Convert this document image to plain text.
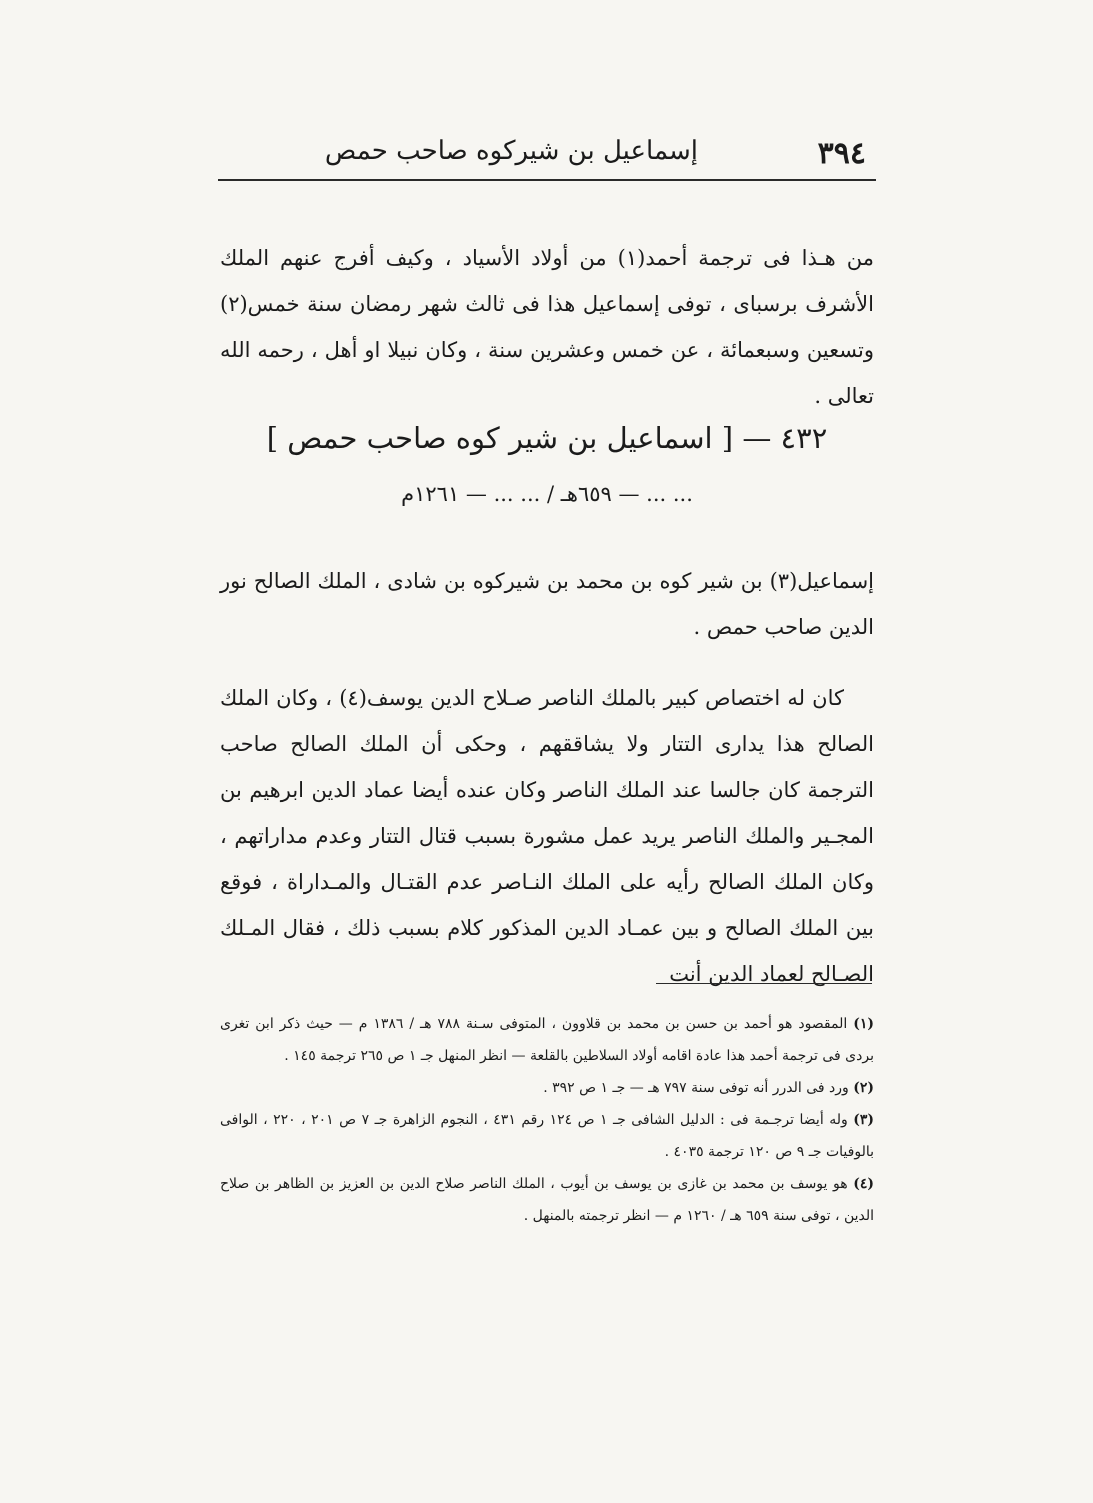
٣٩٤
إسماعيل بن شيركوه صاحب حمص

من هـذا فى ترجمة أحمد(١) من أولاد الأسياد ، وكيف أفرج عنهم الملك الأشرف برسباى ، توفى إسماعيل هذا فى ثالث شهر رمضان سنة خمس(٢) وتسعين وسبعمائة ، عن خمس وعشرين سنة ، وكان نبيلا او أهل ، رحمه الله تعالى .

٤٣٢ — [ اسماعيل بن شير كوه صاحب حمص ]
... ... — ٦٥٩هـ / ... ... — ١٢٦١م

إسماعيل(٣) بن شير كوه بن محمد بن شيركوه بن شادى ، الملك الصالح نور الدين صاحب حمص .

كان له اختصاص كبير بالملك الناصر صـلاح الدين يوسف(٤) ، وكان الملك الصالح هذا يدارى التتار ولا يشاققهم ، وحكى أن الملك الصالح صاحب الترجمة كان جالسا عند الملك الناصر وكان عنده أيضا عماد الدين ابرهيم بن المجـير والملك الناصر يريد عمل مشورة بسبب قتال التتار وعدم مداراتهم ، وكان الملك الصالح رأيه على الملك النـاصر عدم القتـال والمـداراة ، فوقع بين الملك الصالح و بين عمـاد الدين المذكور كلام بسبب ذلك ، فقال المـلك الصـالح لعماد الدين أنت

(١) المقصود هو أحمد بن حسن بن محمد بن قلاوون ، المتوفى سـنة ٧٨٨ هـ / ١٣٨٦ م — حيث ذكر ابن تغرى بردى فى ترجمة أحمد هذا عادة اقامه أولاد السلاطين بالقلعة — انظر المنهل جـ ١ ص ٢٦٥ ترجمة ١٤٥ .
(٢) ورد فى الدرر أنه توفى سنة ٧٩٧ هـ — جـ ١ ص ٣٩٢ .
(٣) وله أيضا ترجـمة فى : الدليل الشافى جـ ١ ص ١٢٤ رقم ٤٣١ ، النجوم الزاهرة جـ ٧ ص ٢٠١ ، ٢٢٠ ، الوافى بالوفيات جـ ٩ ص ١٢٠ ترجمة ٤٠٣٥ .
(٤) هو يوسف بن محمد بن غازى بن يوسف بن أيوب ، الملك الناصر صلاح الدين بن العزيز بن الظاهر بن صلاح الدين ، توفى سنة ٦٥٩ هـ / ١٢٦٠ م — انظر ترجمته بالمنهل .
